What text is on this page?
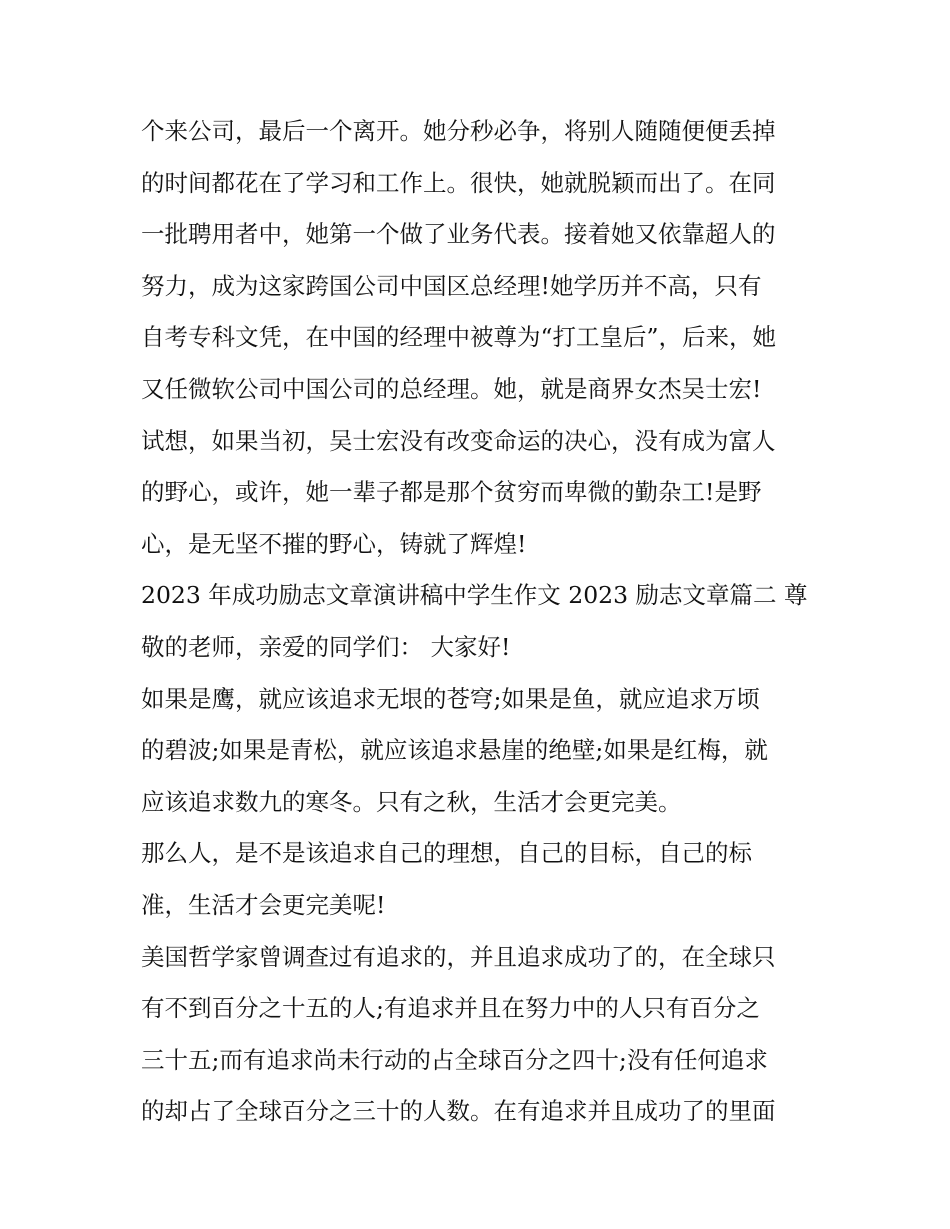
个来公司，最后一个离开。她分秒必争，将别人随随便便丢掉
的时间都花在了学习和工作上。很快，她就脱颖而出了。在同
一批聘用者中，她第一个做了业务代表。接着她又依靠超人的
努力，成为这家跨国公司中国区总经理!她学历并不高，只有
自考专科文凭，在中国的经理中被尊为“打工皇后”，后来，她
又任微软公司中国公司的总经理。她，就是商界女杰吴士宏!
试想，如果当初，吴士宏没有改变命运的决心，没有成为富人
的野心，或许，她一辈子都是那个贫穷而卑微的勤杂工!是野
心，是无坚不摧的野心，铸就了辉煌!
2023 年成功励志文章演讲稿中学生作文 2023 励志文章篇二 尊
敬的老师，亲爱的同学们： 大家好!
如果是鹰，就应该追求无垠的苍穹;如果是鱼，就应追求万顷
的碧波;如果是青松，就应该追求悬崖的绝壁;如果是红梅，就
应该追求数九的寒冬。只有之秋，生活才会更完美。
那么人，是不是该追求自己的理想，自己的目标，自己的标
准，生活才会更完美呢!
美国哲学家曾调查过有追求的，并且追求成功了的，在全球只
有不到百分之十五的人;有追求并且在努力中的人只有百分之
三十五;而有追求尚未行动的占全球百分之四十;没有任何追求
的却占了全球百分之三十的人数。在有追求并且成功了的里面
